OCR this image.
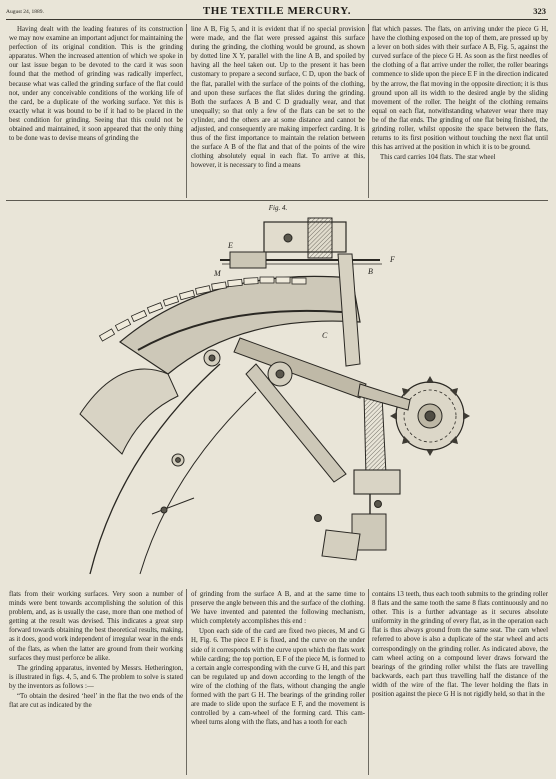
August 24, 1889.	THE TEXTILE MERCURY.	323

Having dealt with the leading features of its construction we may now examine an important adjunct for maintaining the perfection of its original condition. This is the grinding apparatus. When the increased attention of which we spoke in our last issue began to be devoted to the card it was soon found that the method of grinding was radically imperfect, because what was called the grinding surface of the flat could not, under any conceivable conditions of the working life of the card, be a duplicate of the working surface. Yet this is exactly what it was bound to be if it had to be placed in the best condition for grinding. Seeing that this could not be obtained and maintained, it soon appeared that the only thing to be done was to devise means of grinding the

line A B, Fig 5, and it is evident that if no special provision were made, and the flat were pressed against this surface during the grinding, the clothing would be ground, as shown by dotted line X Y, parallel with the line A B, and spoiled by having all the heel taken out. Up to the present it has been customary to prepare a second surface, C D, upon the back of the flat, parallel with the surface of the points of the clothing, and upon these surfaces the flat slides during the grinding. Both the surfaces A B and C D gradually wear, and that unequally; so that only a few of the flats can be set to the cylinder, and the others are at some distance and cannot be adjusted, and consequently are making imperfect carding. It is thus of the first importance to maintain the relation between the surface A B of the flat and that of the points of the wire clothing absolutely equal in each flat. To arrive at this, however, it is necessary to find a means

flat which passes. The flats, on arriving under the piece G H, have the clothing exposed on the top of them, are pressed up by a lever on both sides with their surface A B, Fig. 5, against the curved surface of the piece G H. As soon as the first needles of the clothing of a flat arrive under the roller, the roller bearings commence to slide upon the piece E F in the direction indicated by the arrow, the flat moving in the opposite direction; it is thus ground upon all its width to the desired angle by the sliding movement of the roller. The height of the clothing remains equal on each flat, notwithstanding whatever wear there may be of the flat ends. The grinding of one flat being finished, the grinding roller, whilst opposite the space between the flats, returns to its first position without touching the next flat until this has arrived at the position in which it is to be ground.

This card carries 104 flats. The star wheel

Fig. 4.
E
M	B
C
F

flats from their working surfaces. Very soon a number of minds were bent towards accomplishing the solution of this problem, and, as is usually the case, more than one method of getting at the result was devised. This indicates a great step forward towards obtaining the best theoretical results, making, as it does, good work independent of irregular wear in the ends of the flats, as when the latter are ground from their working surfaces they must perforce be alike.

The grinding apparatus, invented by Messrs. Hetherington, is illustrated in figs. 4, 5, and 6. The problem to solve is stated by the inventors as follows :—

“To obtain the desired ‘heel’ in the flat the two ends of the flat are cut as indicated by the

of grinding from the surface A B, and at the same time to preserve the angle between this and the surface of the clothing. We have invented and patented the following mechanism, which completely accomplishes this end :

Upon each side of the card are fixed two pieces, M and G H, Fig. 6. The piece E F is fixed, and the curve on the under side of it corresponds with the curve upon which the flats work while carding; the top portion, E F of the piece M, is formed to a certain angle corresponding with the curve G H, and this part can be regulated up and down according to the length of the wire of the clothing of the flats, without changing the angle formed with the part G H. The bearings of the grinding roller are made to slide upon the surface E F, and the movement is controlled by a cam-wheel of the forming card. This cam-wheel turns along with the flats, and has a tooth for each

contains 13 teeth, thus each tooth submits to the grinding roller 8 flats and the same tooth the same 8 flats continuously and no other. This is a further advantage as it secures absolute uniformity in the grinding of every flat, as in the operation each flat is thus always ground from the same seat. The cam wheel referred to above is also a duplicate of the star wheel and acts correspondingly on the grinding roller. As indicated above, the cam wheel acting on a compound lever draws forward the bearings of the grinding roller whilst the flats are travelling backwards, each part thus travelling half the distance of the width of the wire of the flat. The lever holding the flats in position against the piece G H is not rigidly held, so that in the
